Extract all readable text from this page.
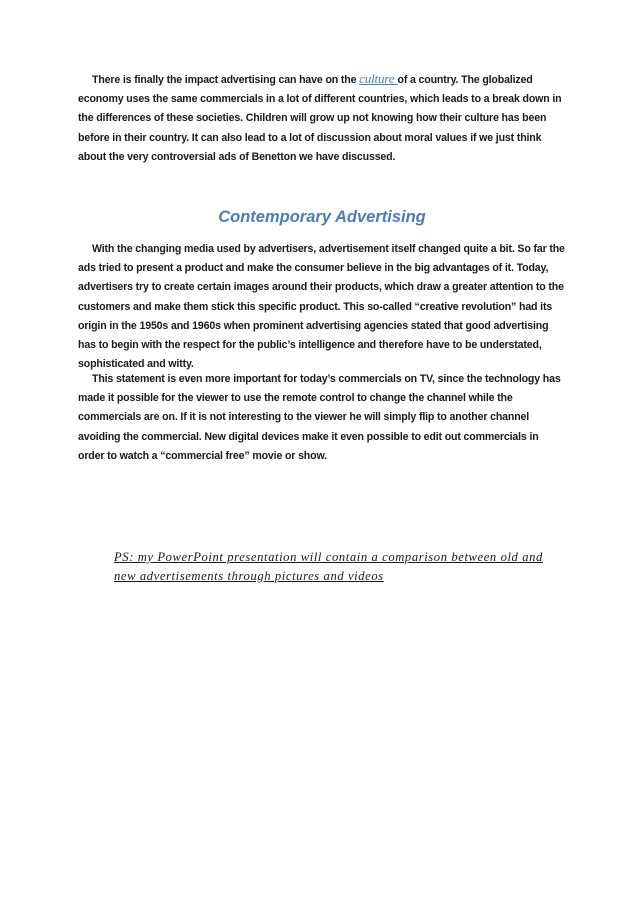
There is finally the impact advertising can have on the culture of a country. The globalized economy uses the same commercials in a lot of different countries, which leads to a break down in the differences of these societies. Children will grow up not knowing how their culture has been before in their country. It can also lead to a lot of discussion about moral values if we just think about the very controversial ads of Benetton we have discussed.

Contemporary Advertising

With the changing media used by advertisers, advertisement itself changed quite a bit. So far the ads tried to present a product and make the consumer believe in the big advantages of it. Today, advertisers try to create certain images around their products, which draw a greater attention to the customers and make them stick this specific product. This so-called “creative revolution” had its origin in the 1950s and 1960s when prominent advertising agencies stated that good advertising has to begin with the respect for the public’s intelligence and therefore have to be understated, sophisticated and witty.

This statement is even more important for today’s commercials on TV, since the technology has made it possible for the viewer to use the remote control to change the channel while the commercials are on. If it is not interesting to the viewer he will simply flip to another channel avoiding the commercial. New digital devices make it even possible to edit out commercials in order to watch a “commercial free” movie or show.

PS: my PowerPoint presentation will contain a comparison between old and new advertisements through pictures and videos
